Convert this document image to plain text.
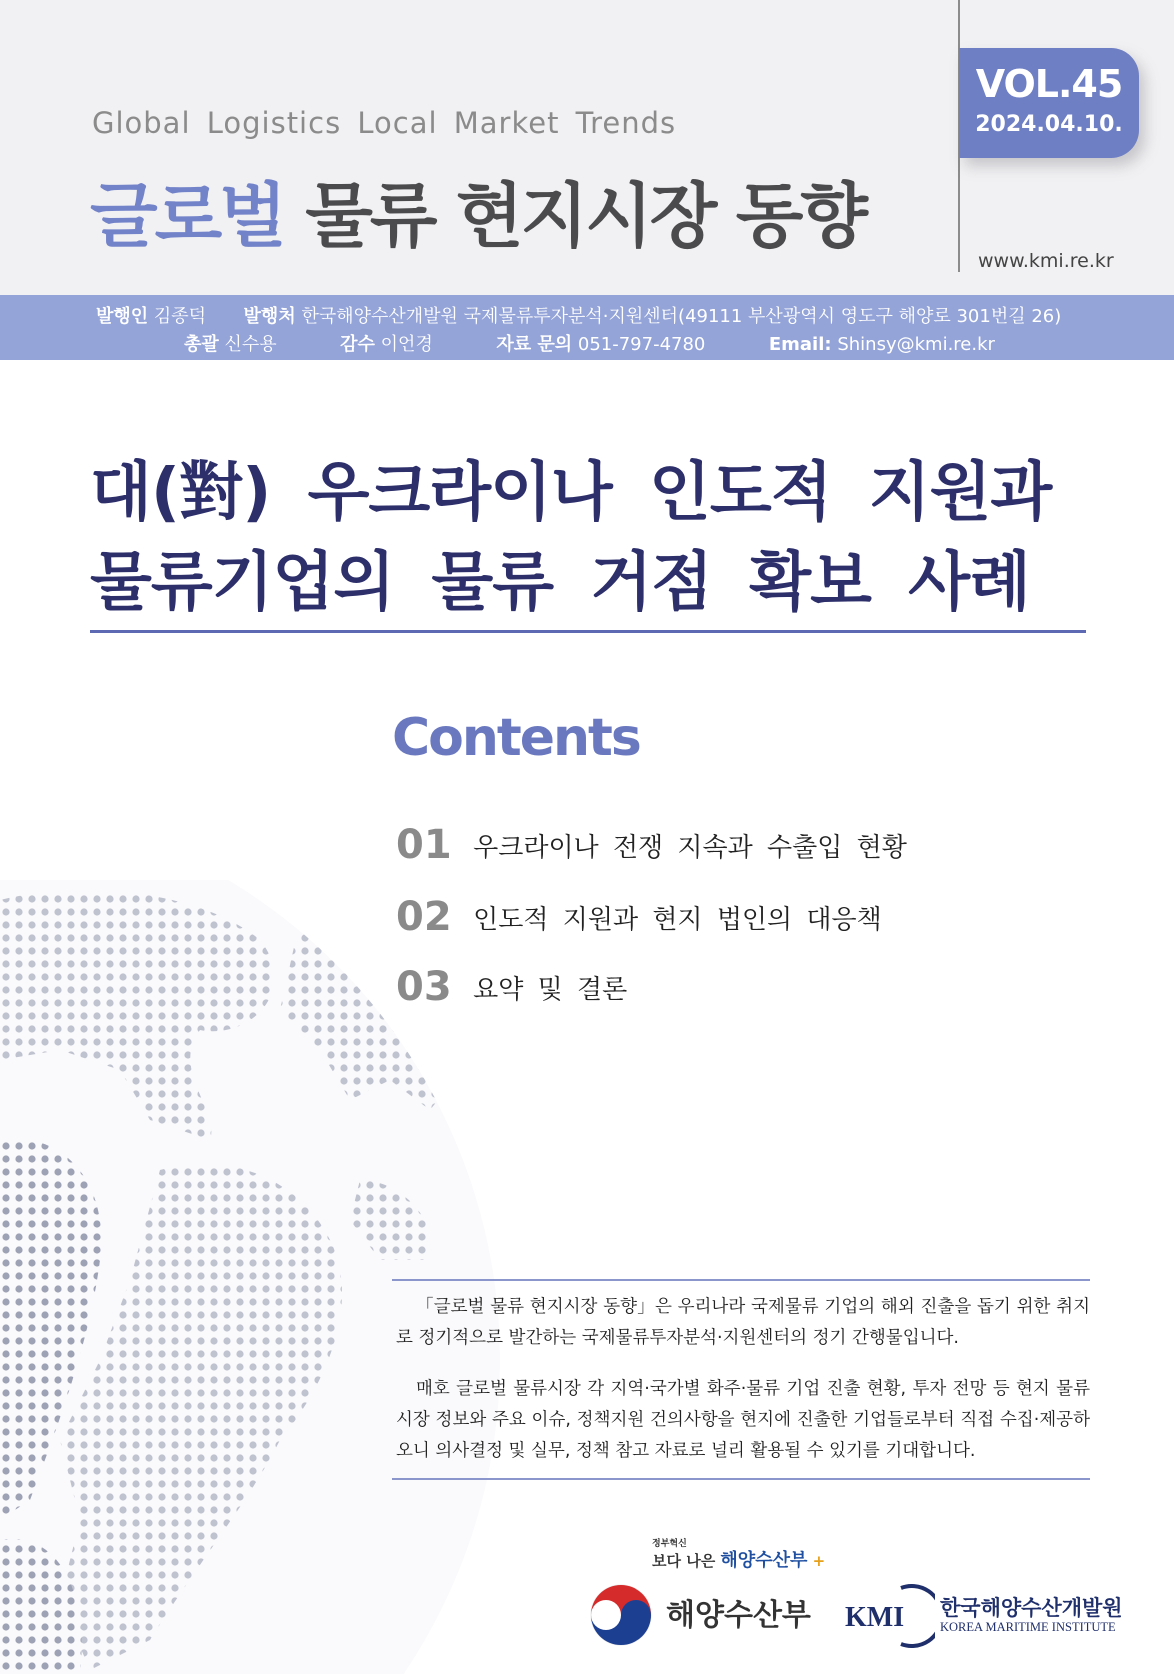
VOL.45
2024.04.10.
Global Logistics Local Market Trends
글로벌 물류 현지시장 동향
www.kmi.re.kr
발행인 김종덕 발행처 한국해양수산개발원 국제물류투자분석·지원센터(49111 부산광역시 영도구 해양로 301번길 26)
총괄 신수용	감수 이언경	자료 문의 051-797-4780	Email: Shinsy@kmi.re.kr
대(對) 우크라이나 인도적 지원과
물류기업의 물류 거점 확보 사례
Contents
01 우크라이나 전쟁 지속과 수출입 현황
02 인도적 지원과 현지 법인의 대응책
03 요약 및 결론

「글로벌 물류 현지시장 동향」은 우리나라 국제물류 기업의 해외 진출을 돕기 위한 취지로 정기적으로 발간하는 국제물류투자분석·지원센터의 정기 간행물입니다.

매호 글로벌 물류시장 각 지역·국가별 화주·물류 기업 진출 현황, 투자 전망 등 현지 물류시장 정보와 주요 이슈, 정책지원 건의사항을 현지에 진출한 기업들로부터 직접 수집·제공하오니 의사결정 및 실무, 정책 참고 자료로 널리 활용될 수 있기를 기대합니다.

정부혁신
보다 나은 해양수산부 +
해양수산부 KMI 한국해양수산개발원
KOREA MARITIME INSTITUTE
